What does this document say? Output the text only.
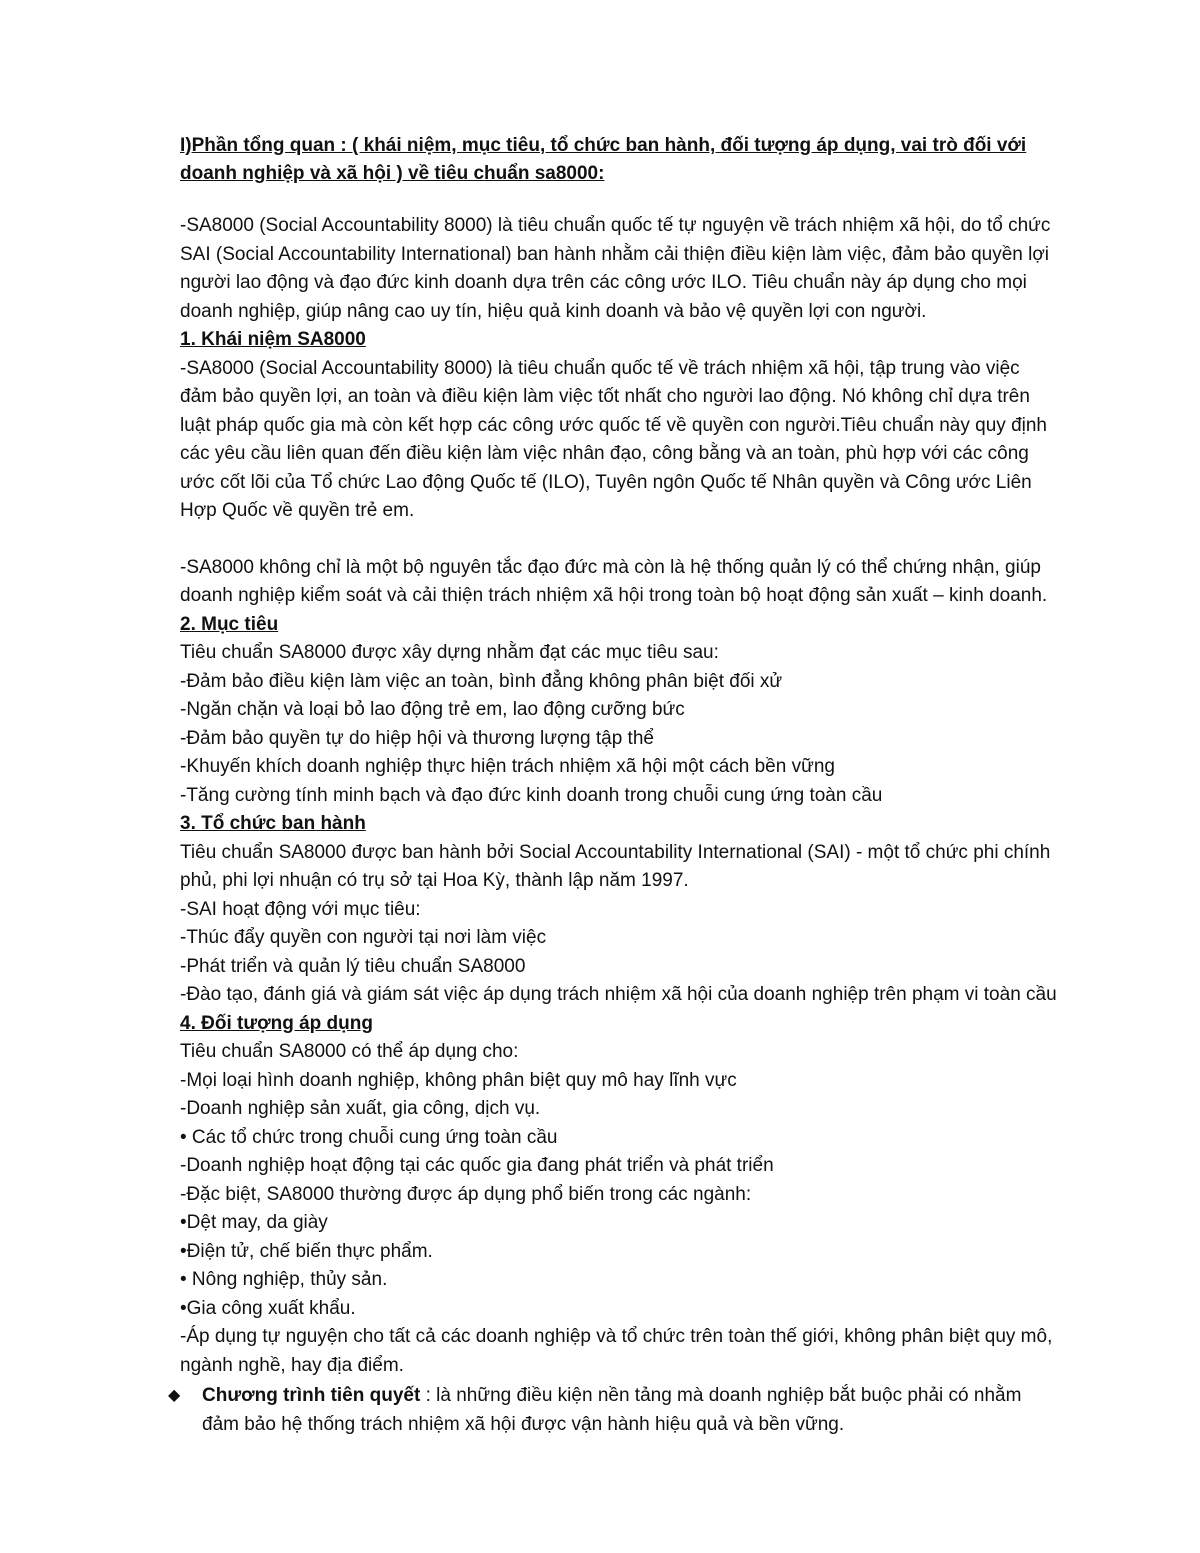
I)Phần tổng quan : ( khái niệm, mục tiêu, tổ chức ban hành, đối tượng áp dụng, vai trò đối với doanh nghiệp và xã hội ) về tiêu chuẩn sa8000:

-SA8000 (Social Accountability 8000) là tiêu chuẩn quốc tế tự nguyện về trách nhiệm xã hội, do tổ chức SAI (Social Accountability International) ban hành nhằm cải thiện điều kiện làm việc, đảm bảo quyền lợi người lao động và đạo đức kinh doanh dựa trên các công ước ILO. Tiêu chuẩn này áp dụng cho mọi doanh nghiệp, giúp nâng cao uy tín, hiệu quả kinh doanh và bảo vệ quyền lợi con người.

1. Khái niệm SA8000

-SA8000 (Social Accountability 8000) là tiêu chuẩn quốc tế về trách nhiệm xã hội, tập trung vào việc đảm bảo quyền lợi, an toàn và điều kiện làm việc tốt nhất cho người lao động. Nó không chỉ dựa trên luật pháp quốc gia mà còn kết hợp các công ước quốc tế về quyền con người.Tiêu chuẩn này quy định các yêu cầu liên quan đến điều kiện làm việc nhân đạo, công bằng và an toàn, phù hợp với các công ước cốt lõi của Tổ chức Lao động Quốc tế (ILO), Tuyên ngôn Quốc tế Nhân quyền và Công ước Liên Hợp Quốc về quyền trẻ em.

-SA8000 không chỉ là một bộ nguyên tắc đạo đức mà còn là hệ thống quản lý có thể chứng nhận, giúp doanh nghiệp kiểm soát và cải thiện trách nhiệm xã hội trong toàn bộ hoạt động sản xuất – kinh doanh.

2. Mục tiêu

Tiêu chuẩn SA8000 được xây dựng nhằm đạt các mục tiêu sau:

-Đảm bảo điều kiện làm việc an toàn, bình đẳng không phân biệt đối xử

-Ngăn chặn và loại bỏ lao động trẻ em, lao động cưỡng bức

-Đảm bảo quyền tự do hiệp hội và thương lượng tập thể

-Khuyến khích doanh nghiệp thực hiện trách nhiệm xã hội một cách bền vững

-Tăng cường tính minh bạch và đạo đức kinh doanh trong chuỗi cung ứng toàn cầu

3. Tổ chức ban hành

Tiêu chuẩn SA8000 được ban hành bởi Social Accountability International (SAI) - một tổ chức phi chính phủ, phi lợi nhuận có trụ sở tại Hoa Kỳ, thành lập năm 1997.

-SAI hoạt động với mục tiêu:

-Thúc đẩy quyền con người tại nơi làm việc

-Phát triển và quản lý tiêu chuẩn SA8000

-Đào tạo, đánh giá và giám sát việc áp dụng trách nhiệm xã hội của doanh nghiệp trên phạm vi toàn cầu

4. Đối tượng áp dụng

Tiêu chuẩn SA8000 có thể áp dụng cho:

-Mọi loại hình doanh nghiệp, không phân biệt quy mô hay lĩnh vực

-Doanh nghiệp sản xuất, gia công, dịch vụ.

• Các tổ chức trong chuỗi cung ứng toàn cầu

-Doanh nghiệp hoạt động tại các quốc gia đang phát triển và phát triển

-Đặc biệt, SA8000 thường được áp dụng phổ biến trong các ngành:

•Dệt may, da giày

•Điện tử, chế biến thực phẩm.

• Nông nghiệp, thủy sản.

•Gia công xuất khẩu.

-Áp dụng tự nguyện cho tất cả các doanh nghiệp và tổ chức trên toàn thế giới, không phân biệt quy mô, ngành nghề, hay địa điểm.

◆ Chương trình tiên quyết : là những điều kiện nền tảng mà doanh nghiệp bắt buộc phải có nhằm đảm bảo hệ thống trách nhiệm xã hội được vận hành hiệu quả và bền vững.
